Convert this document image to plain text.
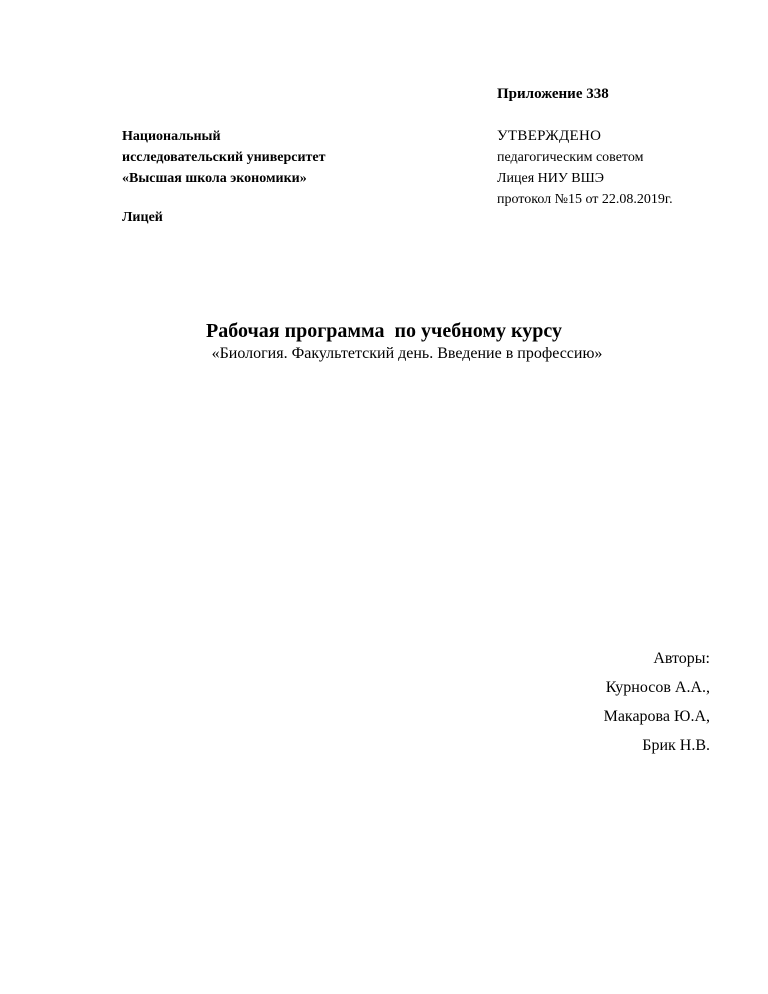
Приложение 338
Национальный
исследовательский университет
«Высшая школа экономики»
Лицей
УТВЕРЖДЕНО
педагогическим советом
Лицея НИУ ВШЭ
протокол №15 от 22.08.2019г.
Рабочая программа  по учебному курсу
«Биология. Факультетский день. Введение в профессию»
Авторы:
Курносов А.А.,
Макарова Ю.А,
Брик Н.В.
